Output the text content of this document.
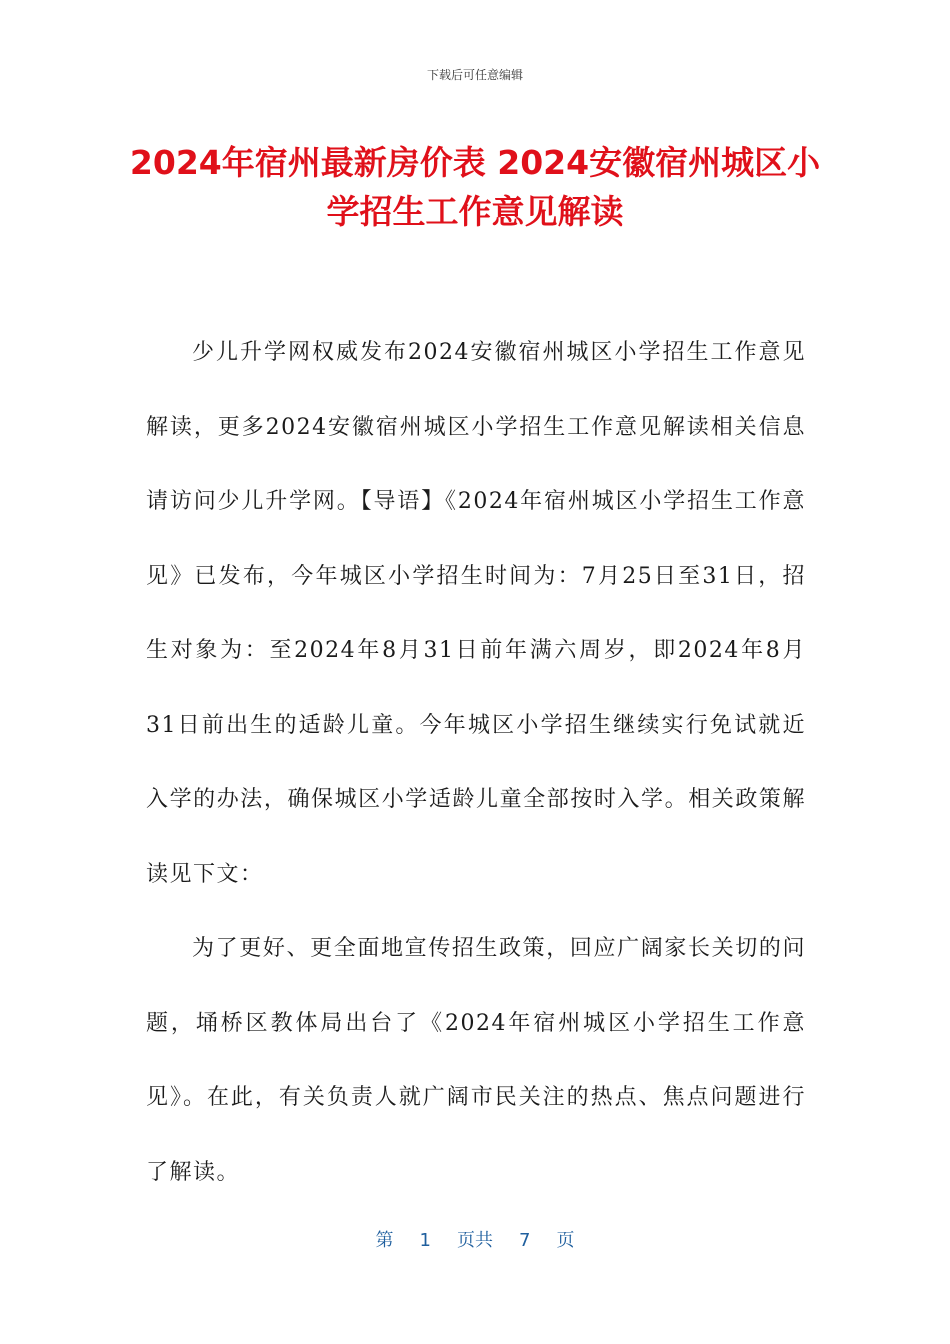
下载后可任意编辑
2024年宿州最新房价表 2024安徽宿州城区小学招生工作意见解读

少儿升学网权威发布2024安徽宿州城区小学招生工作意见解读，更多2024安徽宿州城区小学招生工作意见解读相关信息请访问少儿升学网。【导语】《2024年宿州城区小学招生工作意见》已发布，今年城区小学招生时间为：7月25日至31日，招生对象为：至2024年8月31日前年满六周岁，即2024年8月31日前出生的适龄儿童。今年城区小学招生继续实行免试就近入学的办法，确保城区小学适龄儿童全部按时入学。相关政策解读见下文：

为了更好、更全面地宣传招生政策，回应广阔家长关切的问题，埇桥区教体局出台了《2024年宿州城区小学招生工作意见》。在此，有关负责人就广阔市民关注的热点、焦点问题进行了解读。

第 1 页共 7 页
